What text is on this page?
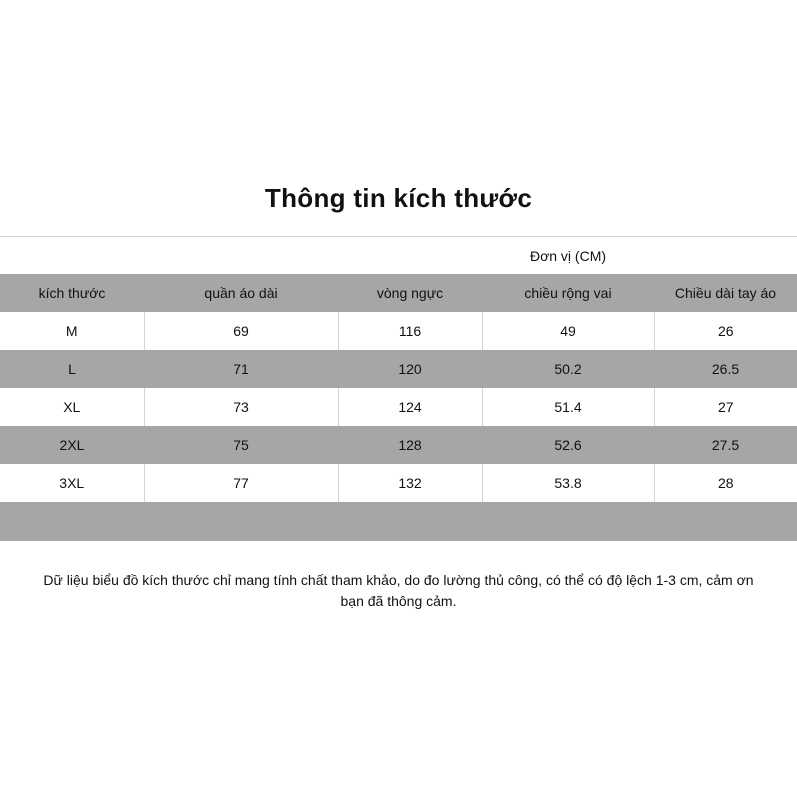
Thông tin kích thước
Đơn vị (CM)
kích thước	quần áo dài	vòng ngực	chiều rộng vai	Chiều dài tay áo
M	69	116	49	26
L	71	120	50.2	26.5
XL	73	124	51.4	27
2XL	75	128	52.6	27.5
3XL	77	132	53.8	28
Dữ liệu biểu đồ kích thước chỉ mang tính chất tham khảo, do đo lường thủ công, có thể có độ lệch 1-3 cm, cảm ơn
bạn đã thông cảm.
